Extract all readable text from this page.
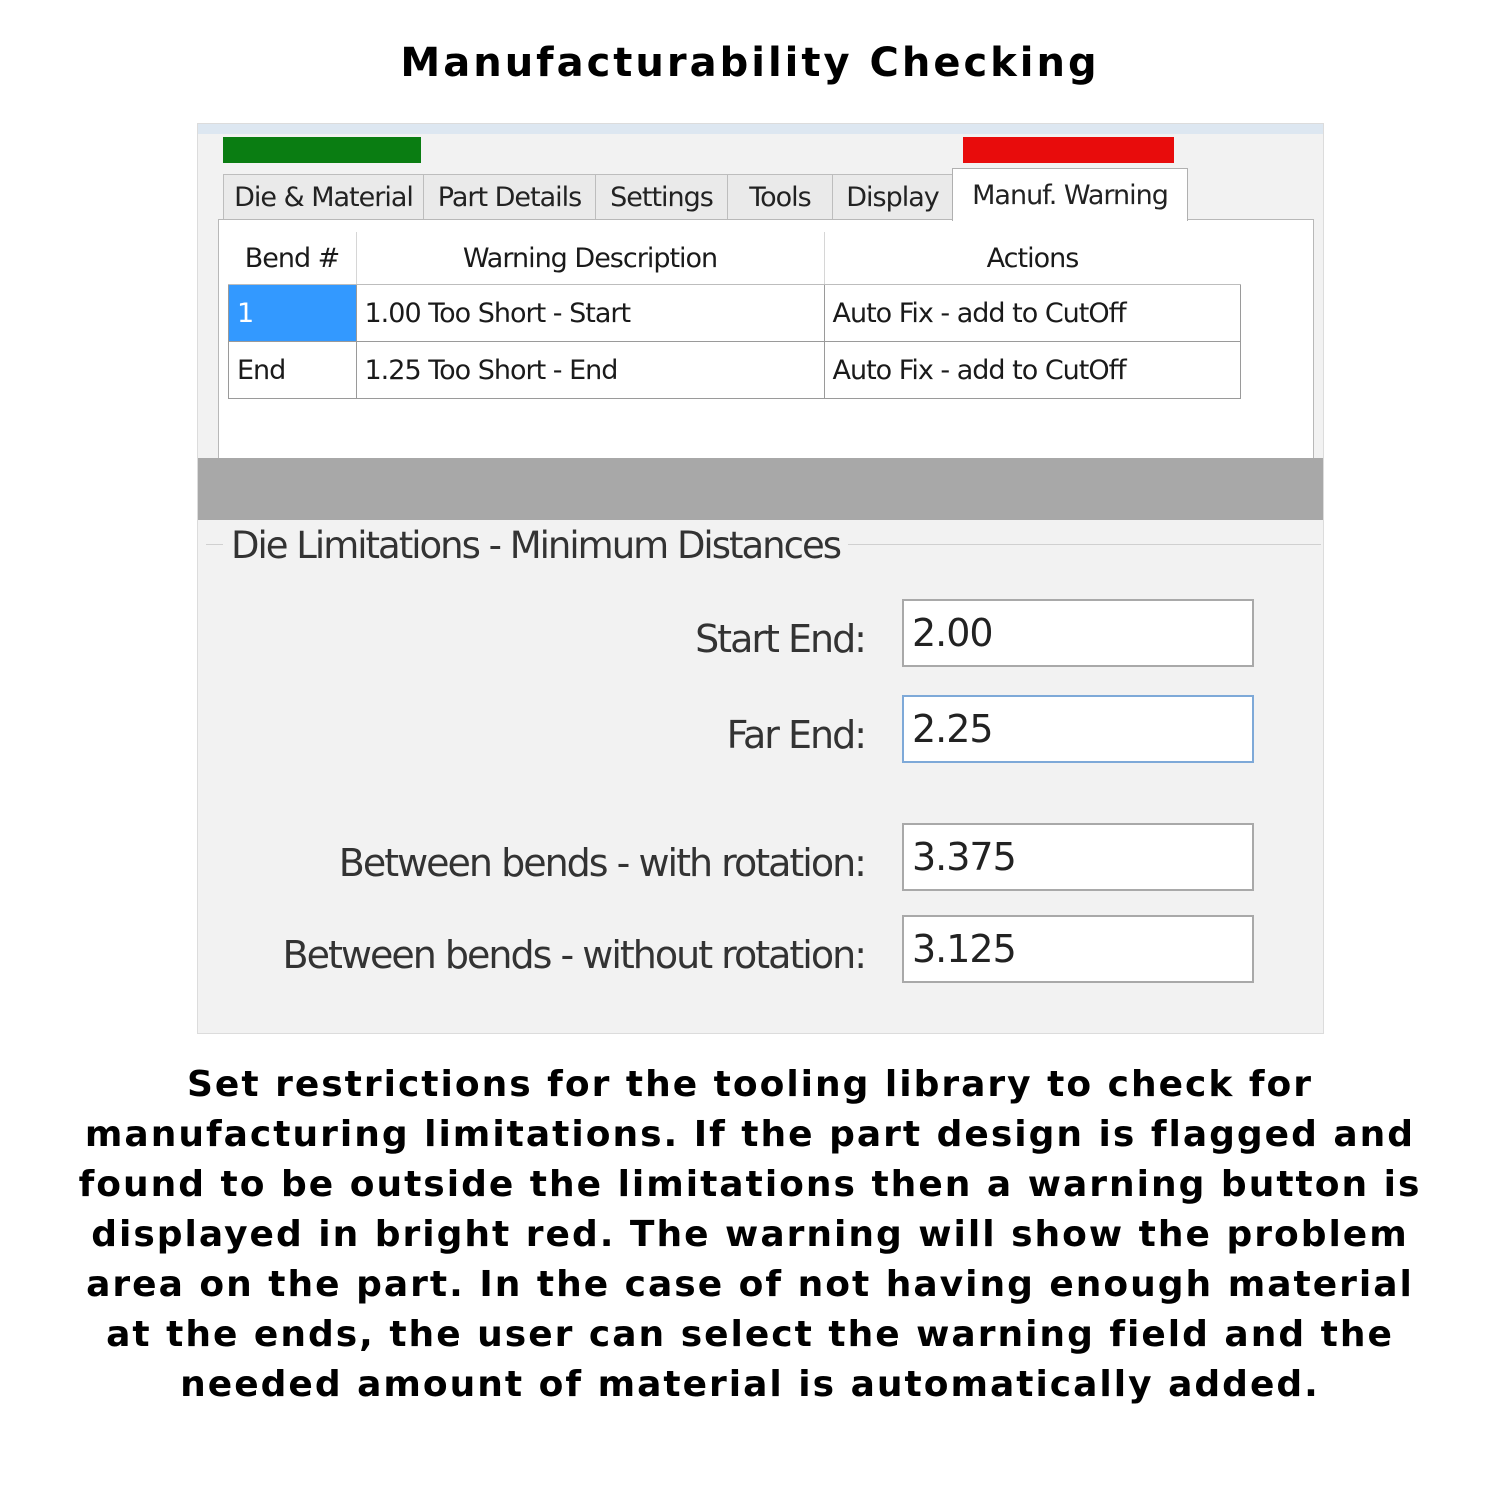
Manufacturability Checking
Die & Material Part Details	Settings	Tools	Display	Manuf. Warning
Bend #	Warning Description	Actions
1	1.00 Too Short - Start	Auto Fix - add to CutOff
End	1.25 Too Short - End	Auto Fix - add to CutOff
Die Limitations - Minimum Distances
Start End: 2.00
Far End: 2.25
Between bends - with rotation: 3.375
Between bends - without rotation: 3.125
Set restrictions for the tooling library to check for manufacturing limitations. If the part design is flagged and found to be outside the limitations then a warning button is displayed in bright red. The warning will show the problem area on the part. In the case of not having enough material at the ends, the user can select the warning field and the needed amount of material is automatically added.
